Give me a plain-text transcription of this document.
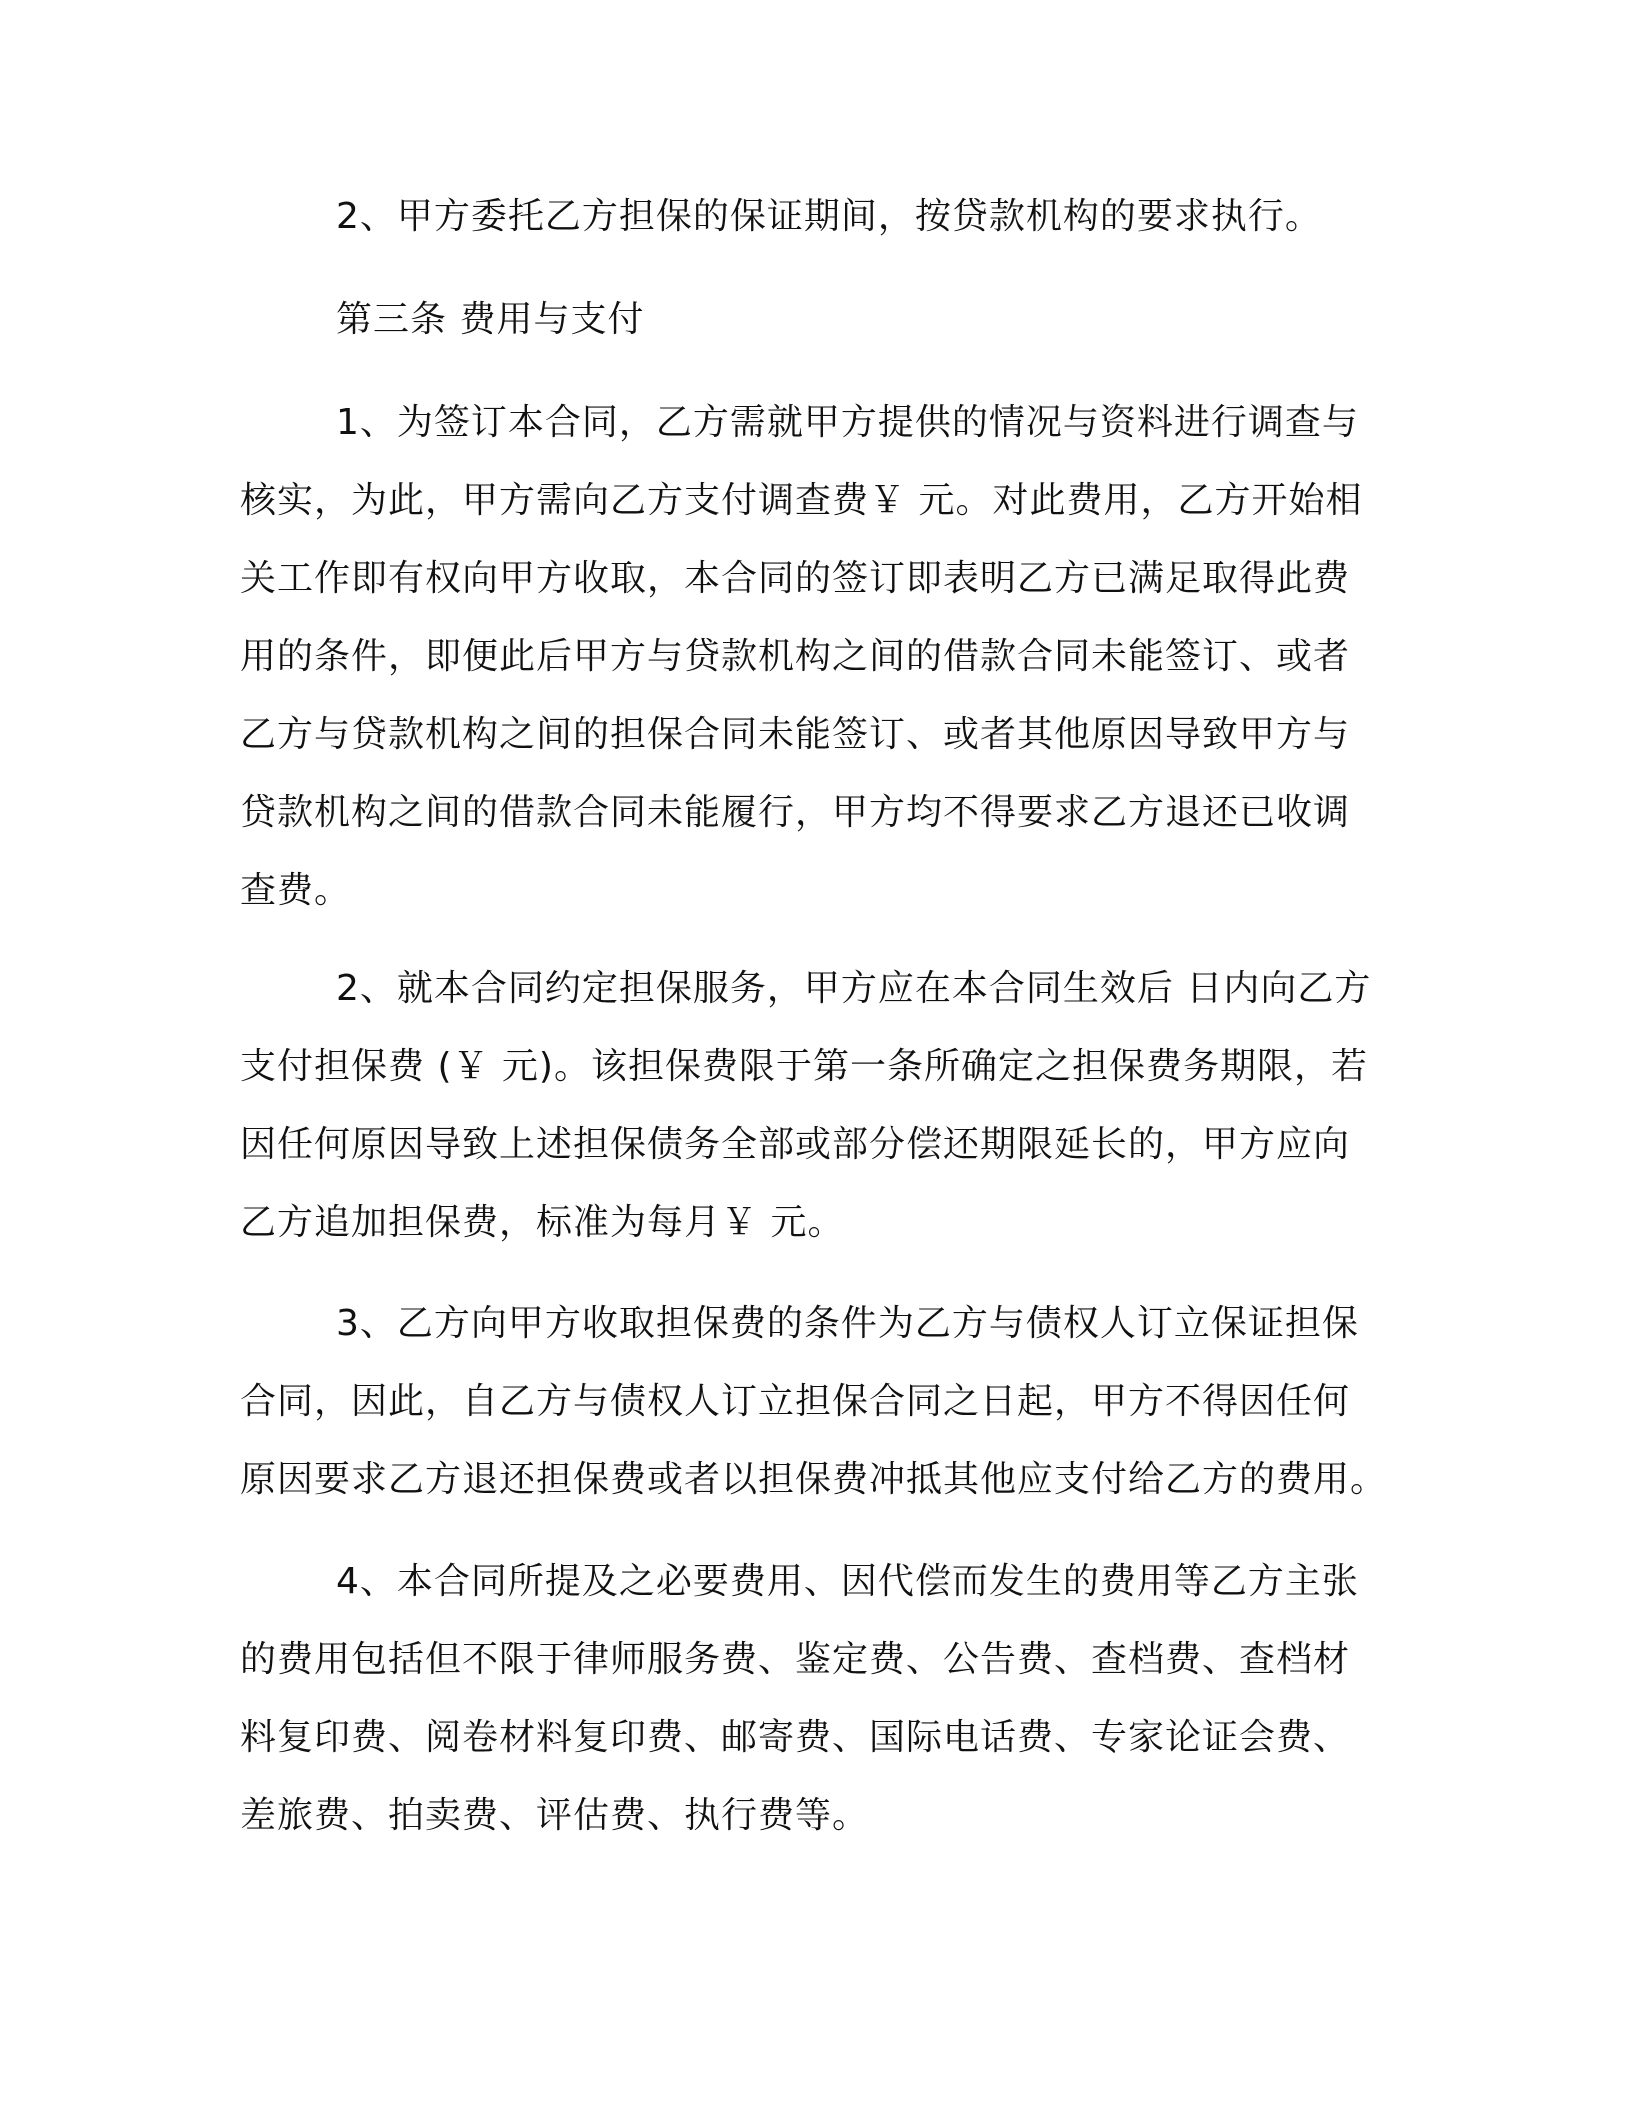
2、甲方委托乙方担保的保证期间，按贷款机构的要求执行。

第三条 费用与支付

1、为签订本合同，乙方需就甲方提供的情况与资料进行调查与
核实，为此，甲方需向乙方支付调查费￥ 元。对此费用，乙方开始相
关工作即有权向甲方收取，本合同的签订即表明乙方已满足取得此费
用的条件，即便此后甲方与贷款机构之间的借款合同未能签订、或者
乙方与贷款机构之间的担保合同未能签订、或者其他原因导致甲方与
贷款机构之间的借款合同未能履行，甲方均不得要求乙方退还已收调
查费。

2、就本合同约定担保服务，甲方应在本合同生效后 日内向乙方
支付担保费 (￥ 元)。该担保费限于第一条所确定之担保费务期限，若
因任何原因导致上述担保债务全部或部分偿还期限延长的，甲方应向
乙方追加担保费，标准为每月￥ 元。

3、乙方向甲方收取担保费的条件为乙方与债权人订立保证担保
合同，因此，自乙方与债权人订立担保合同之日起，甲方不得因任何
原因要求乙方退还担保费或者以担保费冲抵其他应支付给乙方的费用。

4、本合同所提及之必要费用、因代偿而发生的费用等乙方主张
的费用包括但不限于律师服务费、鉴定费、公告费、查档费、查档材
料复印费、阅卷材料复印费、邮寄费、国际电话费、专家论证会费、
差旅费、拍卖费、评估费、执行费等。
